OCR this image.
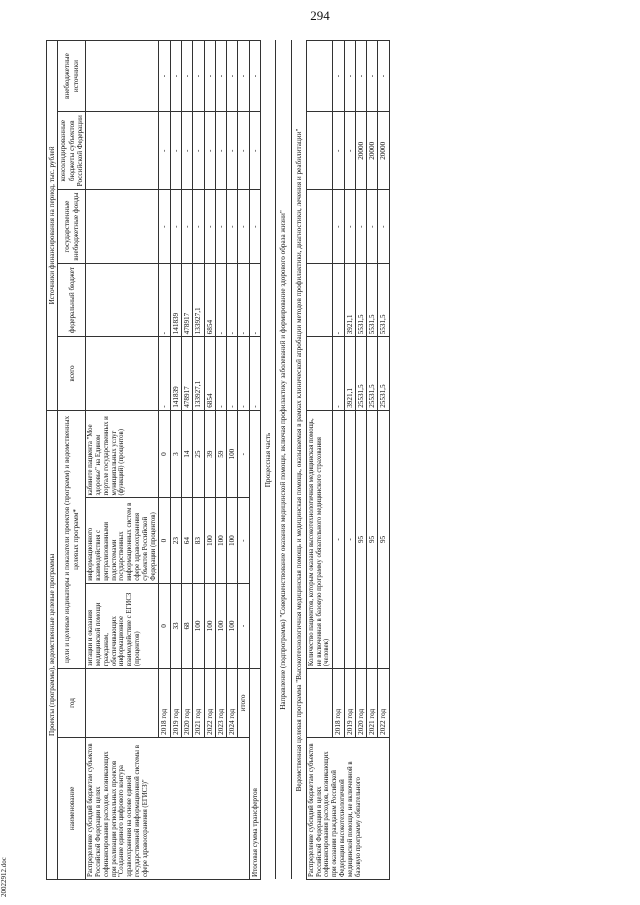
294
20022912.doc
Проекты (программы), ведомственные целевые программы					Источники финансирования на период, тыс. рублей				
наименование	год	цели и целевые индикаторы и показатели проектов (программ) и ведомственных целевых программ*			всего	федеральный бюджет	государственные внебюджетные фонды	консолидированные бюджеты субъектов Российской Федерации	внебюджетные источники

Распределение субсидий бюджетам субъектов Российской Федерации в целях софинансирования расходов, возникающих при реализации региональных проектов "Создание единого цифрового контура здравоохранения на основе единой государственной информационной системы в сфере здравоохранения (ЕГИСЗ)"		зитации и оказания медицинской помощи гражданам, обеспечивающих информационное взаимодействие с ЕГИСЗ (процентов)	информационного взаимодействия с централизованными подсистемами государственных информационных систем в сфере здравоохранения субъектов Российской Федерации (процентов)	кабинете пациента "Мое здоровье" на Едином портале государственных и муниципальных услуг (функций) (процентов)					
	2018 год	0	0	0	-	-	-	-	-
	2019 год	33	23	3	141839	141839	-	-	-
	2020 год	68	64	14	478917	478917	-	-	-
	2021 год	100	83	25	133927,1	133927,1	-	-	-
	2022 год	100	100	39	6854	6854	-	-	-
	2023 год	100	100	59	-	-	-	-	-
	2024 год	100	100	100	-	-	-	-	-
	итого	-	-	-	-	-	-	-	-
Итоговая сумма трансфертов					-	-	-	-	-
Процессная часть									
Направление (подпрограмма) "Совершенствование оказания медицинской помощи, включая профилактику заболеваний и формирование здорового образа жизни"									
Ведомственная целевая программа "Высокотехнологичная медицинская помощь и медицинская помощь, оказываемая в рамках клинической апробации методов профилактики, диагностики, лечения и реабилитации"									
Распределение субсидий бюджетам субъектов Российской Федерации в целях софинансирования расходов, возникающих при оказании гражданам Российской Федерации высокотехнологичной медицинской помощи, не включенной в базовую программу обязательного		Количество пациентов, которым оказана высокотехнологичная медицинская помощь, не включенная в базовую программу обязательного медицинского страхования (человек)							
	2018 год	-			-	-	-	-	-
	2019 год	-			3921,1	3921,1	-	-	-
	2020 год	95			25531,5	5531,5	-	20000	-
	2021 год	95			25531,5	5531,5	-	20000	-
	2022 год	95			25531,5	5531,5	-	20000	-
